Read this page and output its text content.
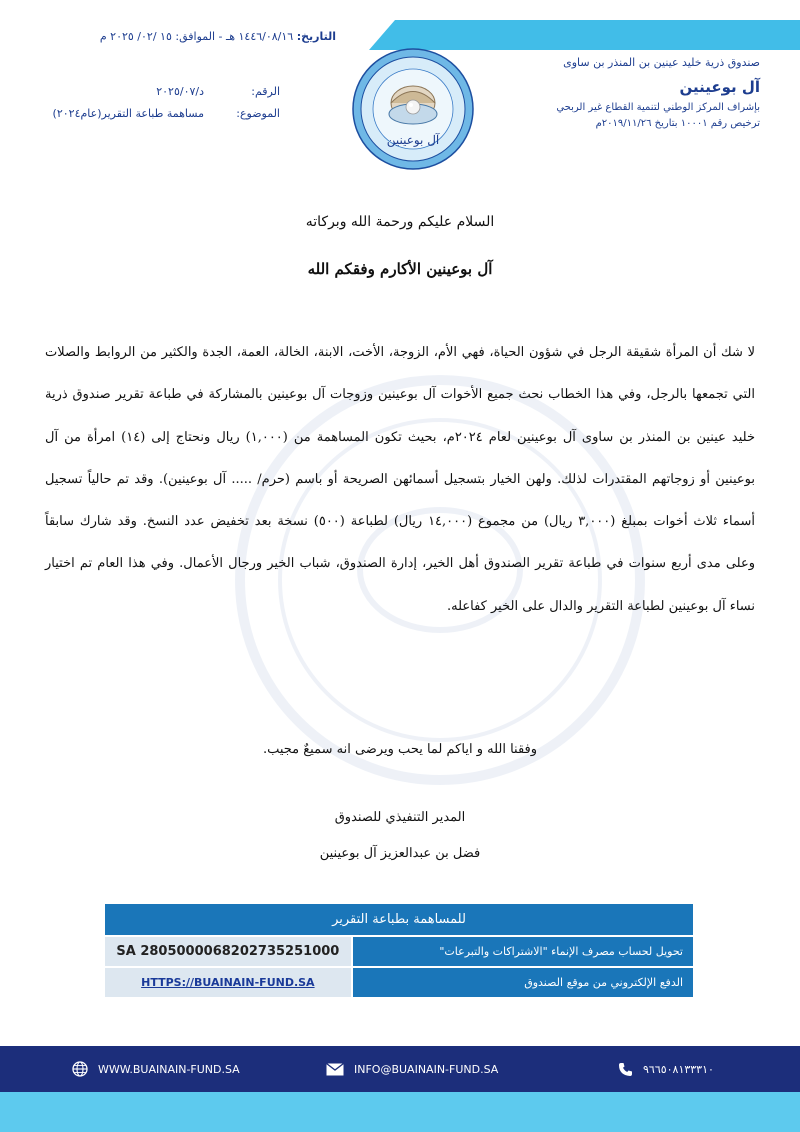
التاريخ: ١٤٤٦/٠٨/١٦ هـ - الموافق: ١٥ /٠٢/ ٢٠٢٥ م
الرقم:
د/٢٠٢٥/٠٧
الموضوع:
مساهمة طباعة التقرير(عام٢٠٢٤)
صندوق ذرية خليد عينين بن المنذر بن ساوى
آل بوعينين
بإشراف المركز الوطني لتنمية القطاع غير الربحي
ترخيص رقم ١٠٠٠١ بتاريخ ٢٠١٩/١١/٢٦م
آل بوعينين
السلام عليكم ورحمة الله وبركاته
آل بوعينين الأكارم وفقكم الله
لا شك أن المرأة شقيقة الرجل في شؤون الحياة، فهي الأم، الزوجة، الأخت، الابنة، الخالة، العمة، الجدة والكثير من الروابط والصلات التي تجمعها بالرجل، وفي هذا الخطاب نحث جميع الأخوات آل بوعينين وزوجات آل بوعينين بالمشاركة في طباعة تقرير صندوق ذرية خليد عينين بن المنذر بن ساوى آل بوعينين لعام ٢٠٢٤م، بحيث تكون المساهمة من (١,٠٠٠) ريال ونحتاج إلى (١٤) امرأة من آل بوعينين أو زوجاتهم المقتدرات لذلك. ولهن الخيار بتسجيل أسمائهن الصريحة أو باسم (حرم/ ..... آل بوعينين). وقد تم حالياً تسجيل أسماء ثلاث أخوات بمبلغ (٣,٠٠٠ ريال) من مجموع (١٤,٠٠٠ ريال) لطباعة (٥٠٠) نسخة بعد تخفيض عدد النسخ. وقد شارك سابقاً وعلى مدى أربع سنوات في طباعة تقرير الصندوق أهل الخير، إدارة الصندوق، شباب الخير ورجال الأعمال. وفي هذا العام تم اختيار نساء آل بوعينين لطباعة التقرير والدال على الخير كفاعله.
وفقنا الله و اياكم لما يحب ويرضى انه سميعٌ مجيب.
المدير التنفيذي للصندوق
فضل بن عبدالعزيز آل بوعينين
للمساهمة بطباعة التقرير	
SA 2805000068202735251000	تحويل لحساب مصرف الإنماء "الاشتراكات والتبرعات"
HTTPS://BUAINAIN-FUND.SA	الدفع الإلكتروني من موقع الصندوق
WWW.BUAINAIN-FUND.SA	INFO@BUAINAIN-FUND.SA	٩٦٦٥٠٨١٣٣٣١٠
